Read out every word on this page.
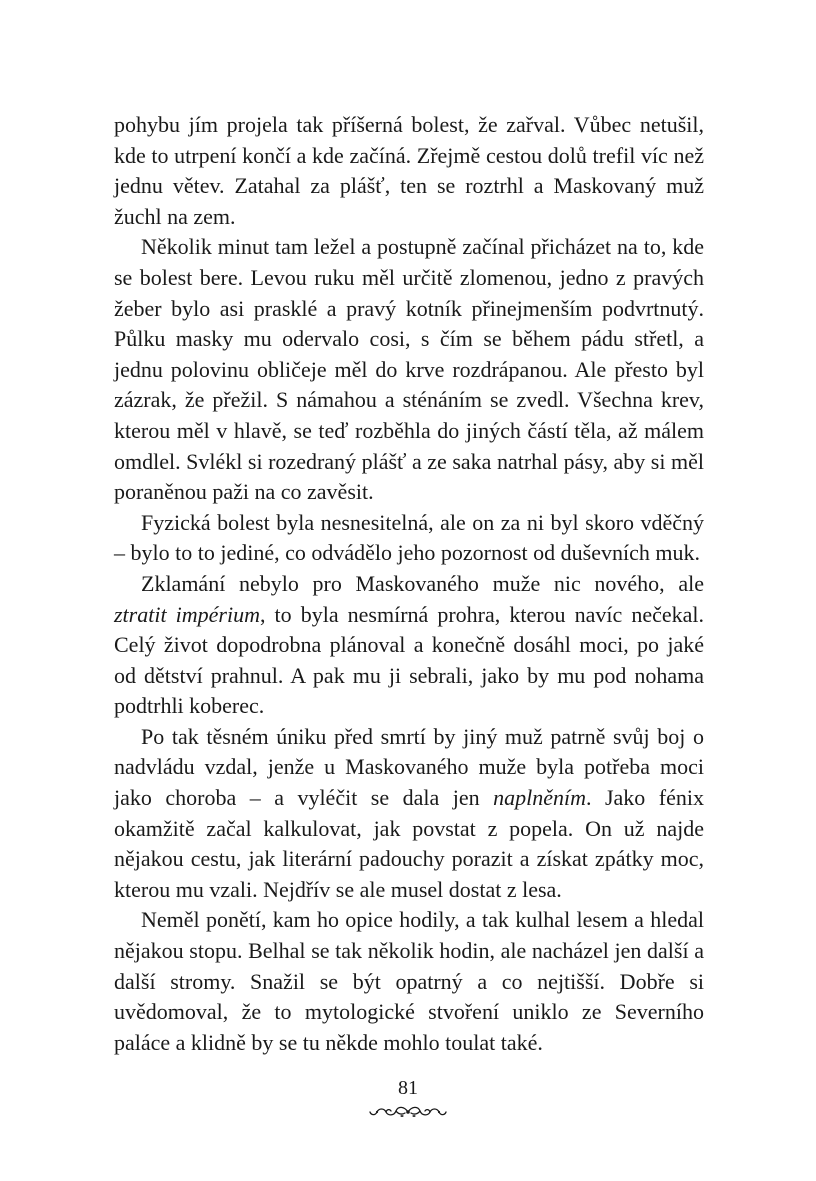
pohybu jím projela tak příšerná bolest, že zařval. Vůbec netušil, kde to utrpení končí a kde začíná. Zřejmě cestou dolů trefil víc než jednu větev. Zatahal za plášť, ten se roztrhl a Maskovaný muž žuchl na zem.

Několik minut tam ležel a postupně začínal přicházet na to, kde se bolest bere. Levou ruku měl určitě zlomenou, jedno z pravých žeber bylo asi prasklé a pravý kotník přinejmenším podvrtnutý. Půlku masky mu odervalo cosi, s čím se během pádu střetl, a jednu polovinu obličeje měl do krve rozdrápanou. Ale přesto byl zázrak, že přežil. S námahou a sténáním se zvedl. Všechna krev, kterou měl v hlavě, se teď rozběhla do jiných částí těla, až málem omdlel. Svlékl si rozedraný plášť a ze saka natrhal pásy, aby si měl poraněnou paži na co zavěsit.

Fyzická bolest byla nesnesitelná, ale on za ni byl skoro vděčný – bylo to to jediné, co odvádělo jeho pozornost od duševních muk.

Zklamání nebylo pro Maskovaného muže nic nového, ale ztratit impérium, to byla nesmírná prohra, kterou navíc nečekal. Celý život dopodrobna plánoval a konečně dosáhl moci, po jaké od dětství prahnul. A pak mu ji sebrali, jako by mu pod nohama podtrhli koberec.

Po tak těsném úniku před smrtí by jiný muž patrně svůj boj o nadvládu vzdal, jenže u Maskovaného muže byla potřeba moci jako choroba – a vyléčit se dala jen naplněním. Jako fénix okamžitě začal kalkulovat, jak povstat z popela. On už najde nějakou cestu, jak literární padouchy porazit a získat zpátky moc, kterou mu vzali. Nejdřív se ale musel dostat z lesa.

Neměl ponětí, kam ho opice hodily, a tak kulhal lesem a hledal nějakou stopu. Belhal se tak několik hodin, ale nacházel jen další a další stromy. Snažil se být opatrný a co nejtišší. Dobře si uvědomoval, že to mytologické stvoření uniklo ze Severního paláce a klidně by se tu někde mohlo toulat také.

81
